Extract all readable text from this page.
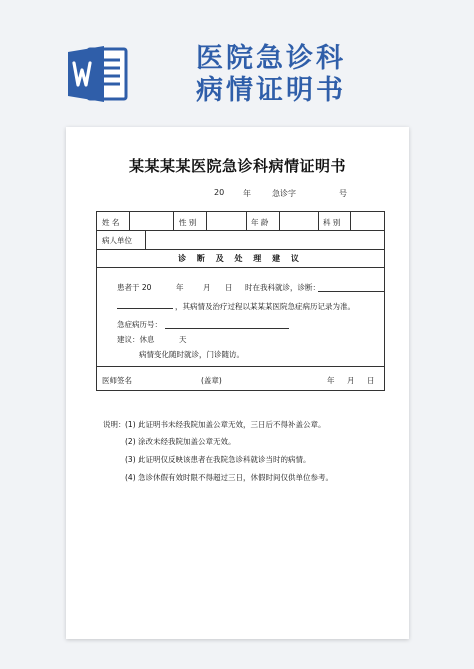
医院急诊科
病情证明书
某某某某医院急诊科病情证明书
20 年	急诊字	号
姓 名	性 别	年 龄	科 别
病人单位
诊 断 及 处 理 建 议
患者于 20	年	月 日 时在我科就诊，诊断：
，其病情及治疗过程以某某某医院急症病历记录为准。
急症病历号：
建议：休息	天
病情变化随时就诊，门诊随访。
医师签名	(盖章)	年 月 日
说明： (1) 此证明书未经我院加盖公章无效，三日后不得补盖公章。
(2) 涂改未经我院加盖公章无效。
(3) 此证明仅反映该患者在我院急诊科就诊当时的病情。
(4) 急诊休假有效时限不得超过三日，休假时间仅供单位参考。
